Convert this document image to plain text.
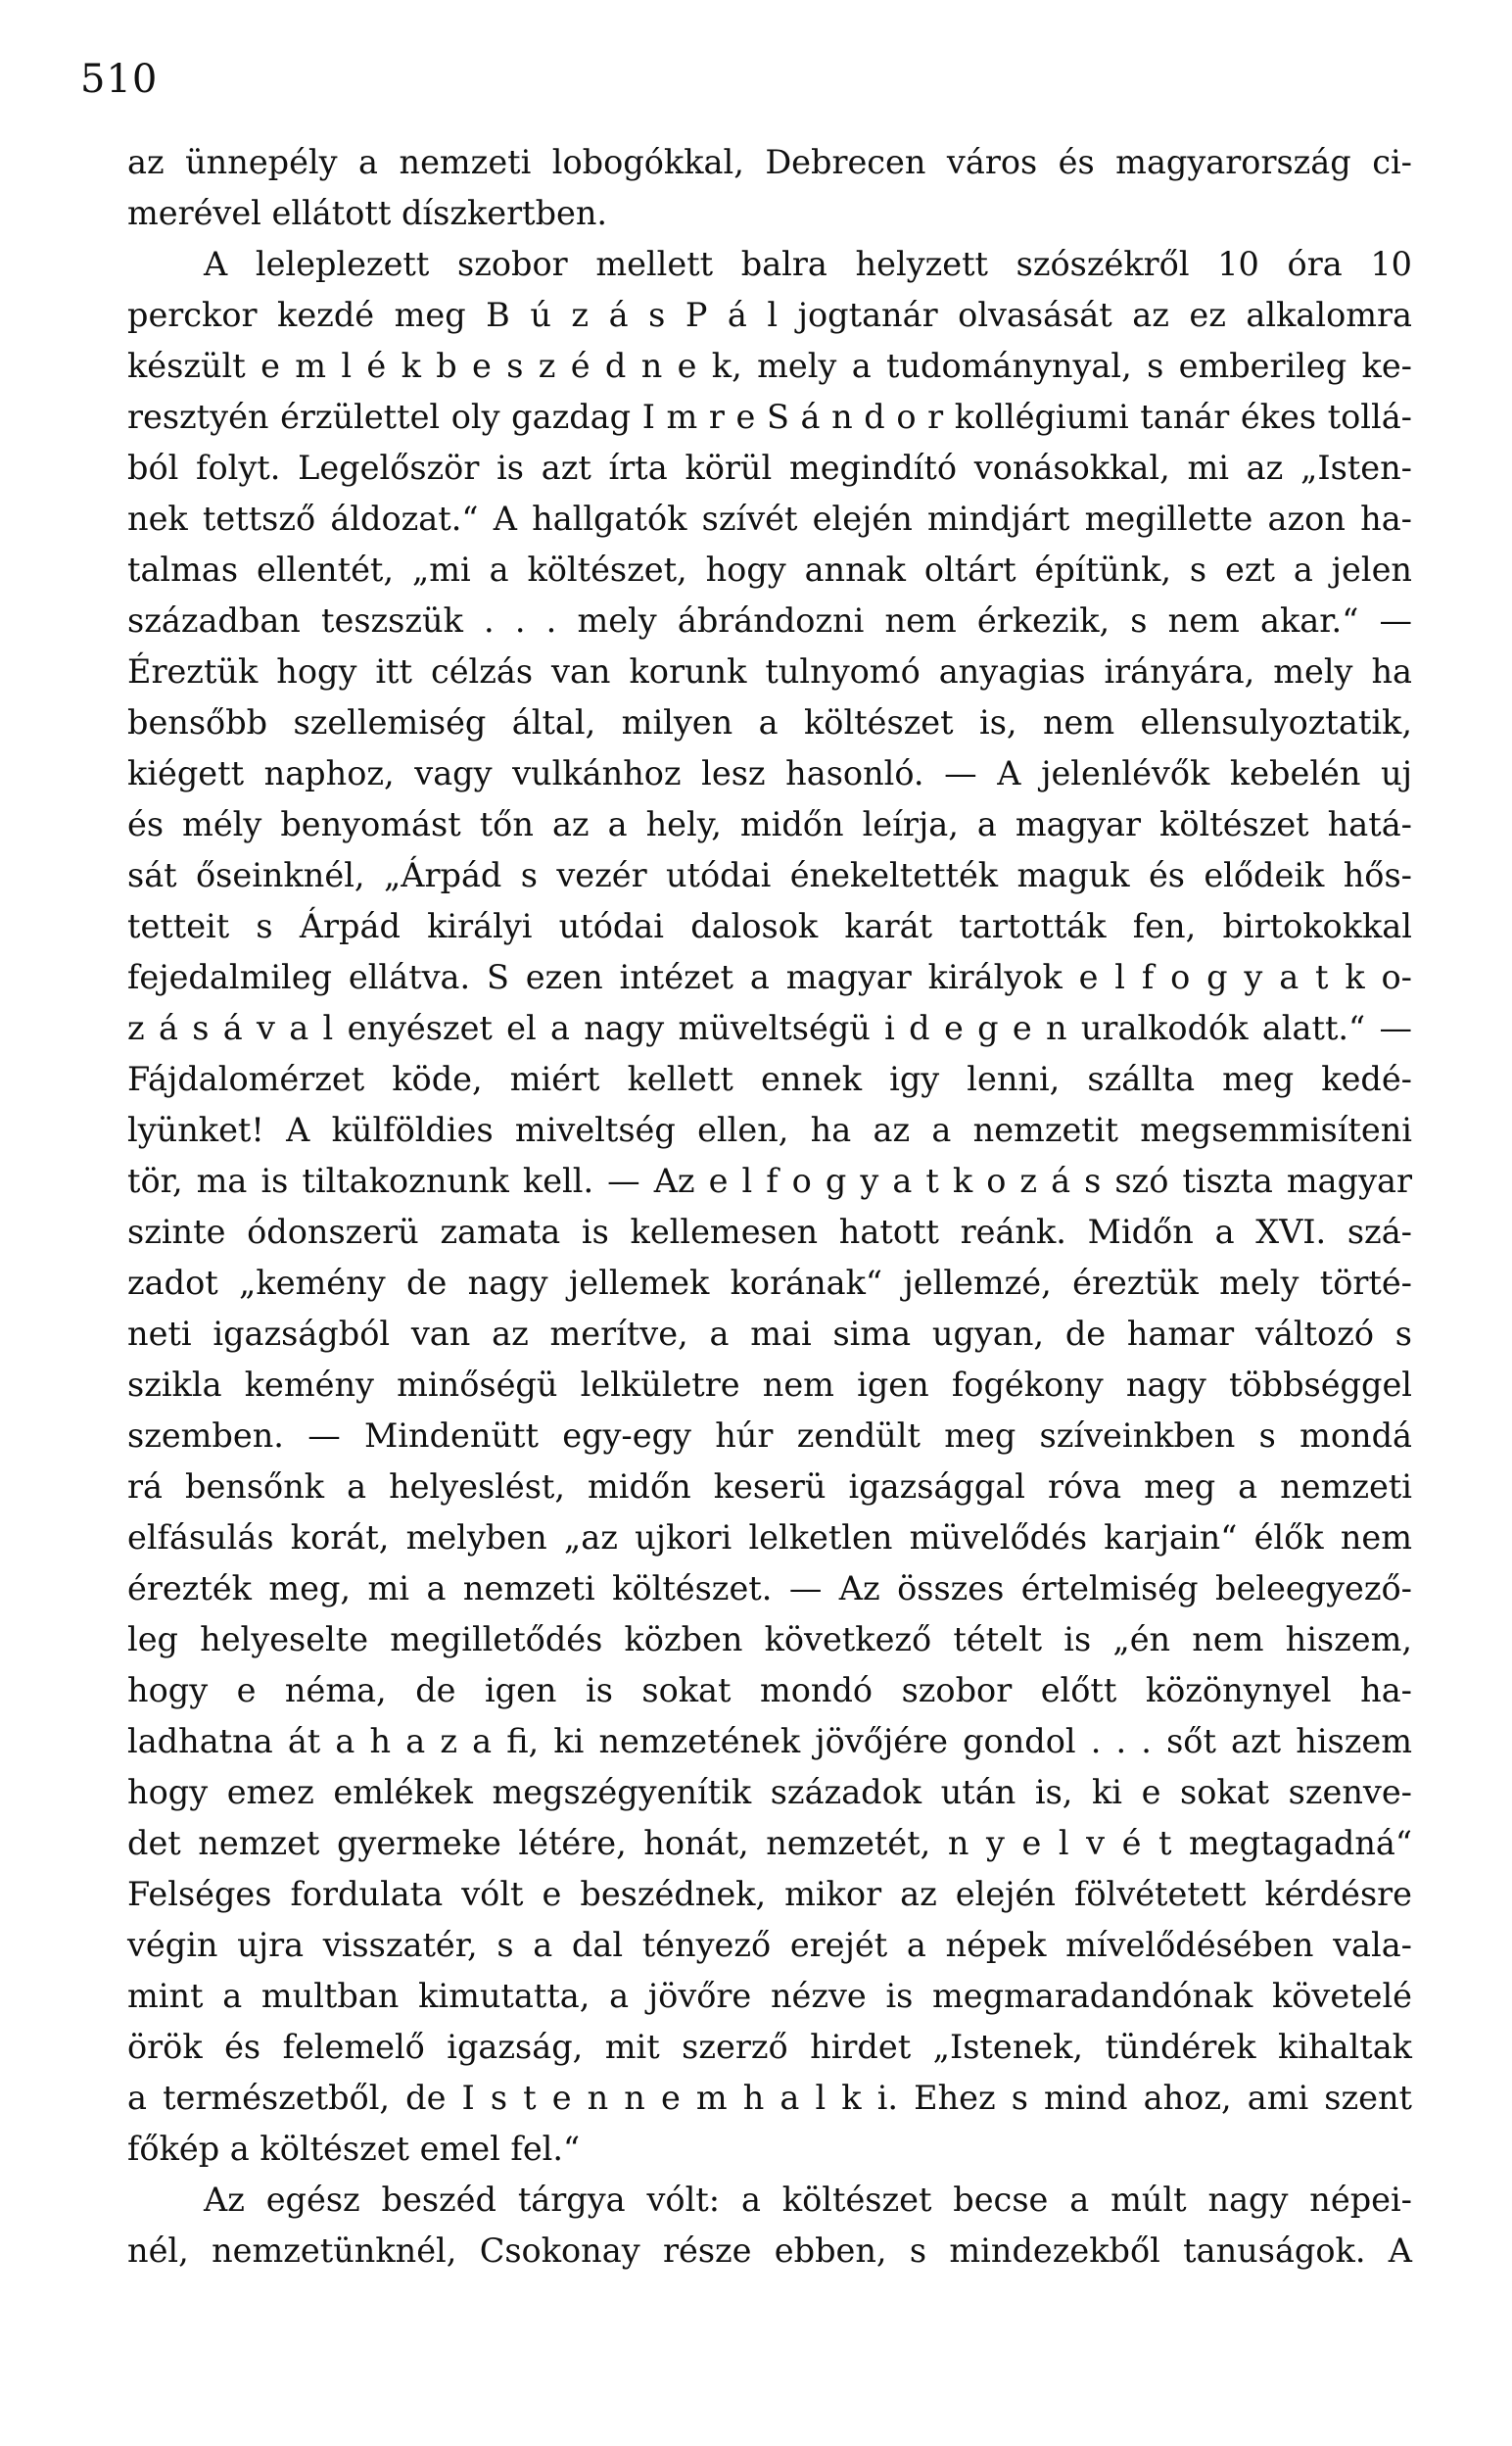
510
az ünnepély a nemzeti lobogókkal, Debrecen város és magyarország ci-
merével ellátott díszkertben.
A leleplezett szobor mellett balra helyzett szószékről 10 óra 10
perckor kezdé meg B ú z á s P á l jogtanár olvasását az ez alkalomra
készült e m l é k b e s z é d n e k, mely a tudománynyal, s emberileg ke-
resztyén érzülettel oly gazdag I m r e S á n d o r kollégiumi tanár ékes tollá-
ból folyt. Legelőször is azt írta körül megindító vonásokkal, mi az „Isten-
nek tettsző áldozat.“ A hallgatók szívét elején mindjárt megillette azon ha-
talmas ellentét, „mi a költészet, hogy annak oltárt építünk, s ezt a jelen
században teszszük . . . mely ábrándozni nem érkezik, s nem akar.“ —
Éreztük hogy itt célzás van korunk tulnyomó anyagias irányára, mely ha
bensőbb szellemiség által, milyen a költészet is, nem ellensulyoztatik,
kiégett naphoz, vagy vulkánhoz lesz hasonló. — A jelenlévők kebelén uj
és mély benyomást tőn az a hely, midőn leírja, a magyar költészet hatá-
sát őseinknél, „Árpád s vezér utódai énekeltették maguk és elődeik hős-
tetteit s Árpád királyi utódai dalosok karát tartották fen, birtokokkal
fejedalmileg ellátva. S ezen intézet a magyar királyok e l f o g y a t k o-
z á s á v a l enyészet el a nagy müveltségü i d e g e n uralkodók alatt.“ —
Fájdalomérzet köde, miért kellett ennek igy lenni, szállta meg kedé-
lyünket! A külföldies miveltség ellen, ha az a nemzetit megsemmisíteni
tör, ma is tiltakoznunk kell. — Az e l f o g y a t k o z á s szó tiszta magyar
szinte ódonszerü zamata is kellemesen hatott reánk. Midőn a XVI. szá-
zadot „kemény de nagy jellemek korának“ jellemzé, éreztük mely törté-
neti igazságból van az merítve, a mai sima ugyan, de hamar változó s
szikla kemény minőségü lelkületre nem igen fogékony nagy többséggel
szemben. — Mindenütt egy-egy húr zendült meg szíveinkben s mondá
rá bensőnk a helyeslést, midőn keserü igazsággal róva meg a nemzeti
elfásulás korát, melyben „az ujkori lelketlen müvelődés karjain“ élők nem
érezték meg, mi a nemzeti költészet. — Az összes értelmiség beleegyező-
leg helyeselte megilletődés közben következő tételt is „én nem hiszem,
hogy e néma, de igen is sokat mondó szobor előtt közönynyel ha-
ladhatna át a h a z a fi, ki nemzetének jövőjére gondol . . . sőt azt hiszem
hogy emez emlékek megszégyenítik századok után is, ki e sokat szenve-
det nemzet gyermeke létére, honát, nemzetét, n y e l v é t megtagadná“
Felséges fordulata vólt e beszédnek, mikor az elején fölvétetett kérdésre
végin ujra visszatér, s a dal tényező erejét a népek mívelődésében vala-
mint a multban kimutatta, a jövőre nézve is megmaradandónak követelé
örök és felemelő igazság, mit szerző hirdet „Istenek, tündérek kihaltak
a természetből, de I s t e n n e m h a l k i. Ehez s mind ahoz, ami szent
főkép a költészet emel fel.“
Az egész beszéd tárgya vólt: a költészet becse a múlt nagy népei-
nél, nemzetünknél, Csokonay része ebben, s mindezekből tanuságok. A
